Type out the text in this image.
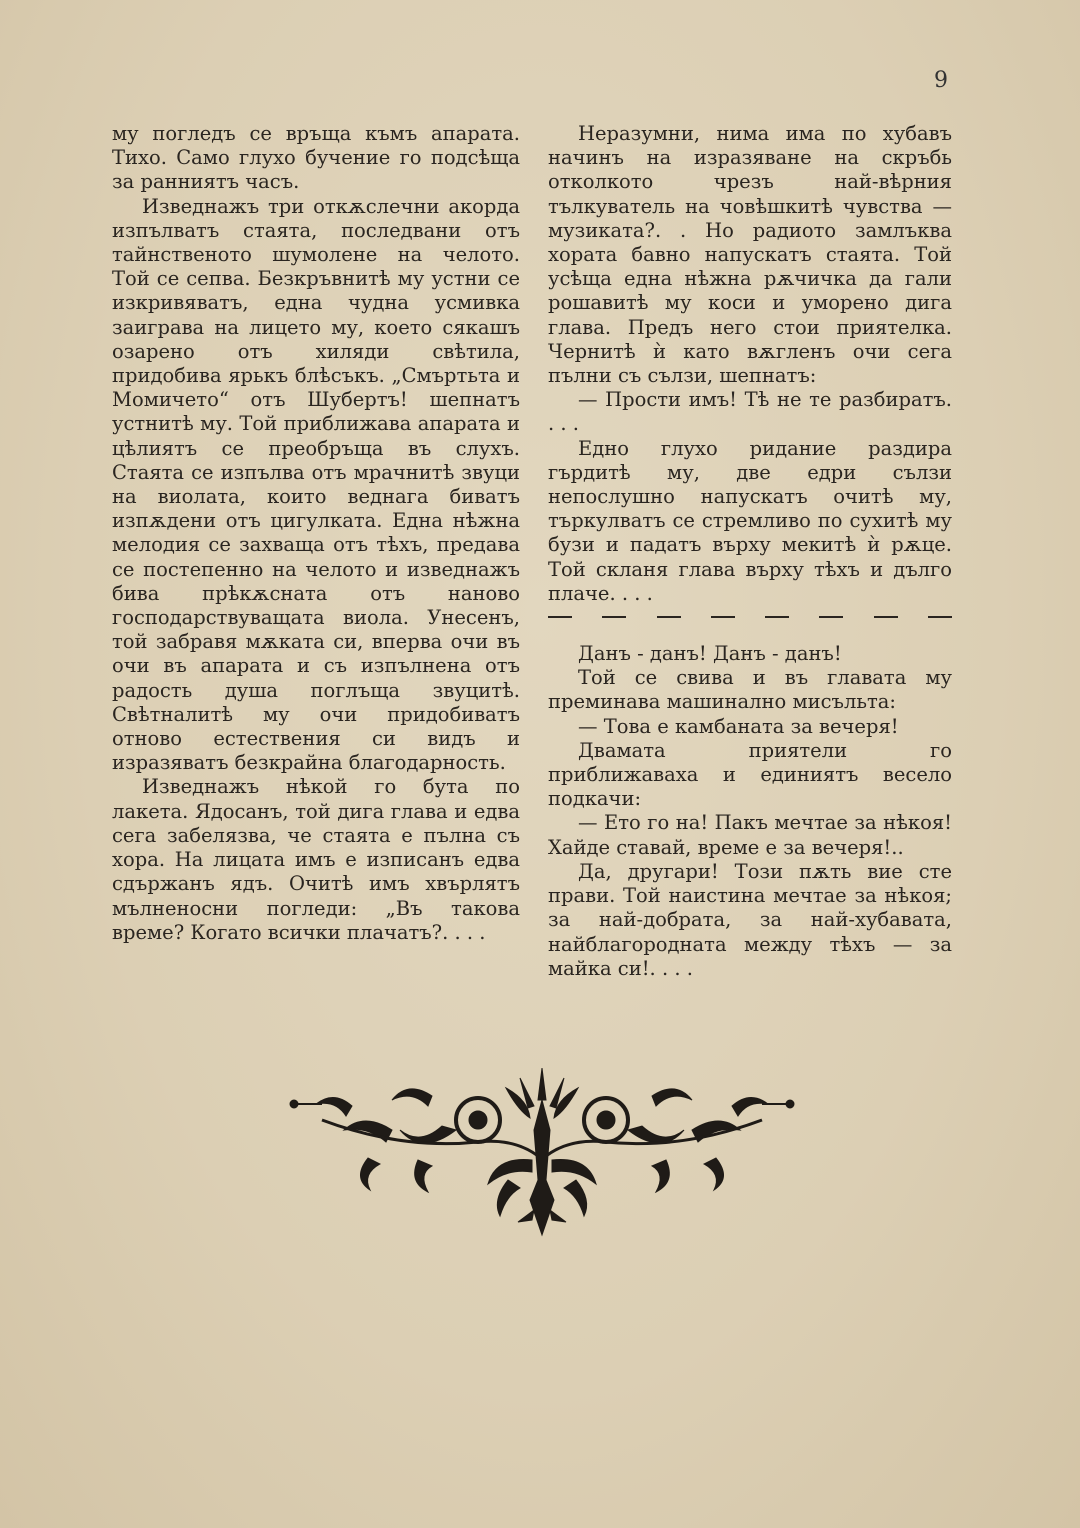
9

му погледъ се връща къмъ апарата. Тихо. Само глухо бучение го подсѣща за ранниятъ часъ.

Изведнажъ три откѫслечни акорда изпълватъ стаята, последвани отъ тайнственото шумолене на челото. Той се сепва. Безкръвнитѣ му устни се изкривяватъ, една чудна усмивка заиграва на лицето му, което сякашъ озарено отъ хиляди свѣтила, придобива ярькъ блѣсъкъ. „Смъртьта и Момичето“ отъ Шубертъ! шепнатъ устнитѣ му. Той приближава апарата и цѣлиятъ се преобръща въ слухъ. Стаята се изпълва отъ мрачнитѣ звуци на виолата, които веднага биватъ изпѫдени отъ цигулката. Една нѣжна мелодия се захваща отъ тѣхъ, предава се постепенно на челото и изведнажъ бива прѣкѫсната отъ наново господарствуващата виола. Унесенъ, той забравя мѫката си, вперва очи въ очи въ апарата и съ изпълнена отъ радость душа поглъща звуцитѣ. Свѣтналитѣ му очи придобиватъ отново естествения си видъ и изразяватъ безкрайна благодарность.

Изведнажъ нѣкой го бута по лакета. Ядосанъ, той дига глава и едва сега забелязва, че стаята е пълна съ хора. На лицата имъ е изписанъ едва сдържанъ ядъ. Очитѣ имъ хвърлятъ мълненосни погледи: „Въ такова време? Когато всички плачатъ?. . . .

Неразумни, нима има по хубавъ начинъ на изразяване на скръбь отколкото чрезъ най-вѣрния тълкуватель на човѣшкитѣ чувства — музиката?. . Но радиото замлъква хората бавно напускатъ стаята. Той усѣща една нѣжна рѫчичка да гали рошавитѣ му коси и уморено дига глава. Предъ него стои приятелка. Чернитѣ ѝ като вѫгленъ очи сега пълни съ сълзи, шепнатъ:

— Прости имъ! Тѣ не те разбиратъ. . . .

Едно глухо ридание раздира гърдитѣ му, две едри сълзи непослушно напускатъ очитѣ му, търкулватъ се стремливо по сухитѣ му бузи и падатъ върху мекитѣ ѝ рѫце. Той скланя глава върху тѣхъ и дълго плаче. . . .

Данъ - данъ! Данъ - данъ!

Той се свива и въ главата му преминава машинално мисъльта:

— Това е камбаната за вечеря!

Двамата приятели го приближаваха и единиятъ весело подкачи:

— Ето го на! Пакъ мечтае за нѣкоя! Хайде ставай, време е за вечеря!..

Да, другари! Този пѫть вие сте прави. Той наистина мечтае за нѣкоя; за най-добрата, за най-хубавата, найблагородната между тѣхъ — за майка си!. . . .
